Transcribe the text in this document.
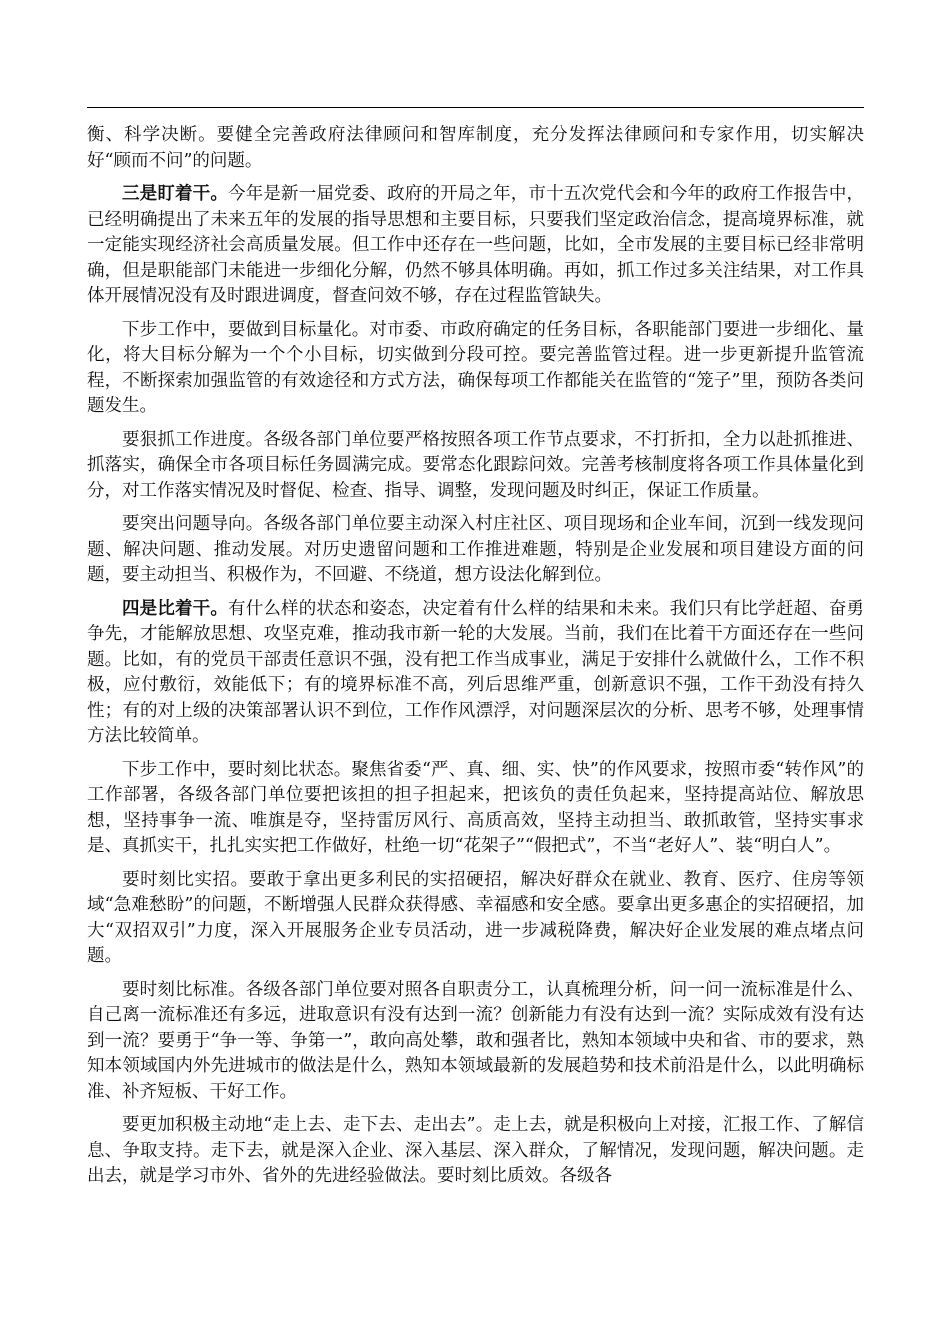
衡、科学决断。要健全完善政府法律顾问和智库制度，充分发挥法律顾问和专家作用，切实解决好“顾而不问”的问题。

三是盯着干。今年是新一届党委、政府的开局之年，市十五次党代会和今年的政府工作报告中，已经明确提出了未来五年的发展的指导思想和主要目标，只要我们坚定政治信念，提高境界标准，就一定能实现经济社会高质量发展。但工作中还存在一些问题，比如，全市发展的主要目标已经非常明确，但是职能部门未能进一步细化分解，仍然不够具体明确。再如，抓工作过多关注结果，对工作具体开展情况没有及时跟进调度，督查问效不够，存在过程监管缺失。

下步工作中，要做到目标量化。对市委、市政府确定的任务目标，各职能部门要进一步细化、量化，将大目标分解为一个个小目标，切实做到分段可控。要完善监管过程。进一步更新提升监管流程，不断探索加强监管的有效途径和方式方法，确保每项工作都能关在监管的“笼子”里，预防各类问题发生。

要狠抓工作进度。各级各部门单位要严格按照各项工作节点要求，不打折扣，全力以赴抓推进、抓落实，确保全市各项目标任务圆满完成。要常态化跟踪问效。完善考核制度将各项工作具体量化到分，对工作落实情况及时督促、检查、指导、调整，发现问题及时纠正，保证工作质量。

要突出问题导向。各级各部门单位要主动深入村庄社区、项目现场和企业车间，沉到一线发现问题、解决问题、推动发展。对历史遗留问题和工作推进难题，特别是企业发展和项目建设方面的问题，要主动担当、积极作为，不回避、不绕道，想方设法化解到位。

四是比着干。有什么样的状态和姿态，决定着有什么样的结果和未来。我们只有比学赶超、奋勇争先，才能解放思想、攻坚克难，推动我市新一轮的大发展。当前，我们在比着干方面还存在一些问题。比如，有的党员干部责任意识不强，没有把工作当成事业，满足于安排什么就做什么，工作不积极，应付敷衍，效能低下；有的境界标准不高，列后思维严重，创新意识不强，工作干劲没有持久性；有的对上级的决策部署认识不到位，工作作风漂浮，对问题深层次的分析、思考不够，处理事情方法比较简单。

下步工作中，要时刻比状态。聚焦省委“严、真、细、实、快”的作风要求，按照市委“转作风”的工作部署，各级各部门单位要把该担的担子担起来，把该负的责任负起来，坚持提高站位、解放思想，坚持事争一流、唯旗是夺，坚持雷厉风行、高质高效，坚持主动担当、敢抓敢管，坚持实事求是、真抓实干，扎扎实实把工作做好，杜绝一切“花架子”“假把式”，不当“老好人”、装“明白人”。

要时刻比实招。要敢于拿出更多利民的实招硬招，解决好群众在就业、教育、医疗、住房等领域“急难愁盼”的问题，不断增强人民群众获得感、幸福感和安全感。要拿出更多惠企的实招硬招，加大“双招双引”力度，深入开展服务企业专员活动，进一步减税降费，解决好企业发展的难点堵点问题。

要时刻比标准。各级各部门单位要对照各自职责分工，认真梳理分析，问一问一流标准是什么、自己离一流标准还有多远，进取意识有没有达到一流？创新能力有没有达到一流？实际成效有没有达到一流？要勇于“争一等、争第一”，敢向高处攀，敢和强者比，熟知本领域中央和省、市的要求，熟知本领域国内外先进城市的做法是什么，熟知本领域最新的发展趋势和技术前沿是什么，以此明确标准、补齐短板、干好工作。

要更加积极主动地“走上去、走下去、走出去”。走上去，就是积极向上对接，汇报工作、了解信息、争取支持。走下去，就是深入企业、深入基层、深入群众，了解情况，发现问题，解决问题。走出去，就是学习市外、省外的先进经验做法。要时刻比质效。各级各
